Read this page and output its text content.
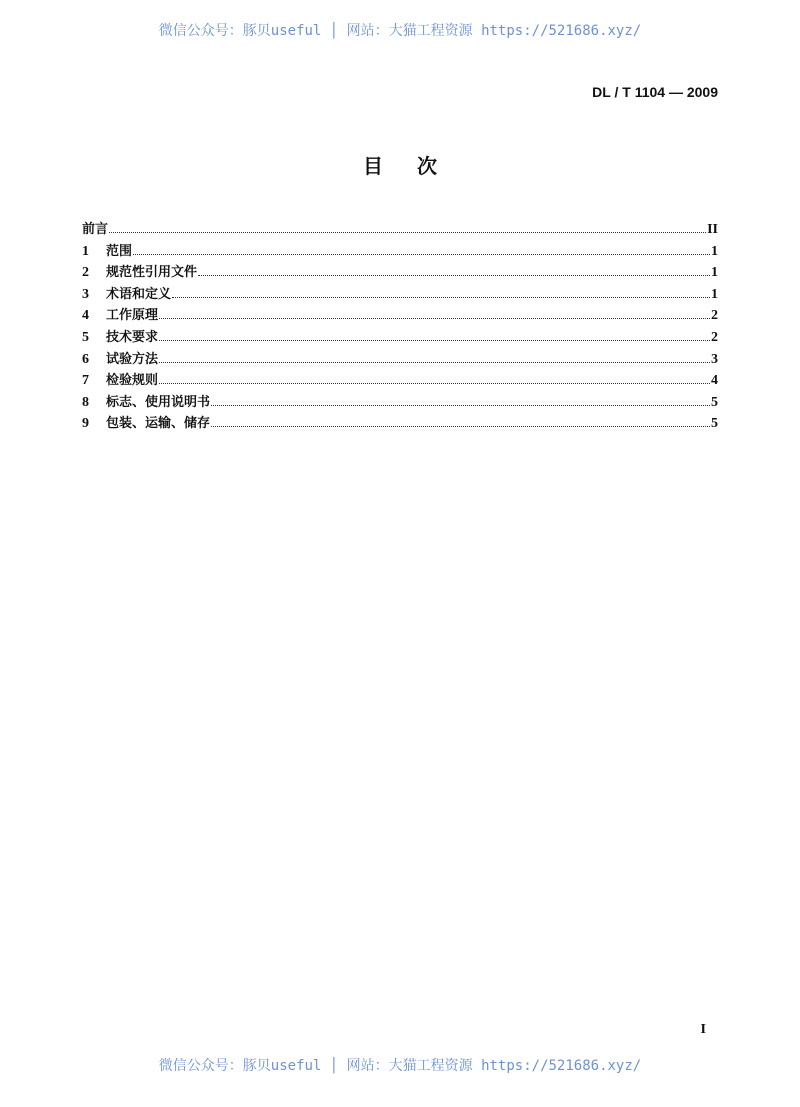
微信公众号：豚贝useful │ 网站：大猫工程资源 https://521686.xyz/
DL / T 1104 — 2009
目次
前言	II
1	范围	1
2	规范性引用文件	1
3	术语和定义	1
4	工作原理	2
5	技术要求	2
6	试验方法	3
7	检验规则	4
8	标志、使用说明书	5
9	包装、运输、储存	5
I
微信公众号：豚贝useful │ 网站：大猫工程资源 https://521686.xyz/
